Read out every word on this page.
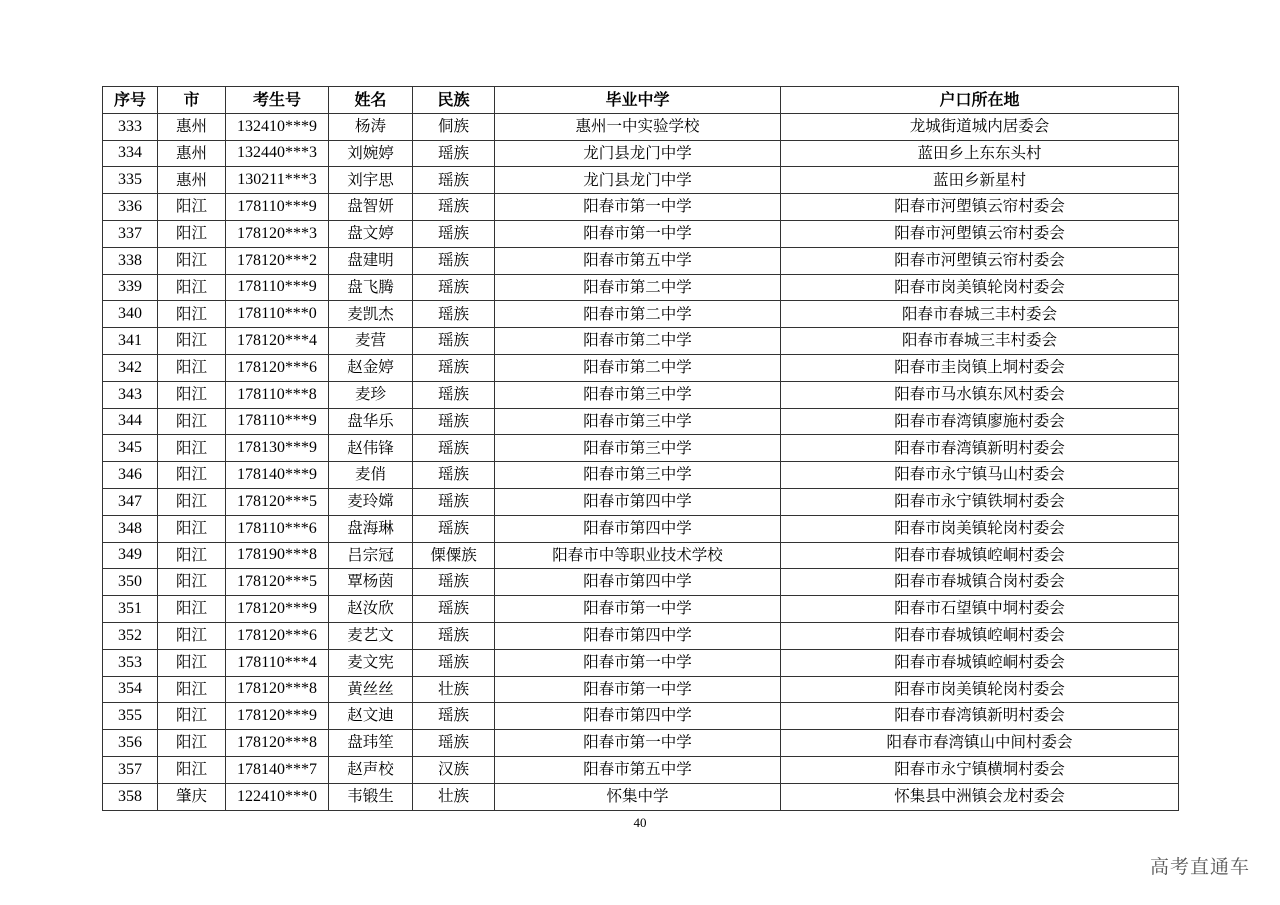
序号	市	考生号	姓名	民族	毕业中学	户口所在地
333	惠州	132410***9	杨涛	侗族	惠州一中实验学校	龙城街道城内居委会
334	惠州	132440***3	刘婉婷	瑶族	龙门县龙门中学	蓝田乡上东东头村
335	惠州	130211***3	刘宇思	瑶族	龙门县龙门中学	蓝田乡新星村
336	阳江	178110***9	盘智妍	瑶族	阳春市第一中学	阳春市河塱镇云帘村委会
337	阳江	178120***3	盘文婷	瑶族	阳春市第一中学	阳春市河塱镇云帘村委会
338	阳江	178120***2	盘建明	瑶族	阳春市第五中学	阳春市河塱镇云帘村委会
339	阳江	178110***9	盘飞腾	瑶族	阳春市第二中学	阳春市岗美镇轮岗村委会
340	阳江	178110***0	麦凯杰	瑶族	阳春市第二中学	阳春市春城三丰村委会
341	阳江	178120***4	麦营	瑶族	阳春市第二中学	阳春市春城三丰村委会
342	阳江	178120***6	赵金婷	瑶族	阳春市第二中学	阳春市圭岗镇上垌村委会
343	阳江	178110***8	麦珍	瑶族	阳春市第三中学	阳春市马水镇东风村委会
344	阳江	178110***9	盘华乐	瑶族	阳春市第三中学	阳春市春湾镇廖施村委会
345	阳江	178130***9	赵伟锋	瑶族	阳春市第三中学	阳春市春湾镇新明村委会
346	阳江	178140***9	麦俏	瑶族	阳春市第三中学	阳春市永宁镇马山村委会
347	阳江	178120***5	麦玲嫦	瑶族	阳春市第四中学	阳春市永宁镇铁垌村委会
348	阳江	178110***6	盘海琳	瑶族	阳春市第四中学	阳春市岗美镇轮岗村委会
349	阳江	178190***8	吕宗冠	傈僳族	阳春市中等职业技术学校	阳春市春城镇崆峒村委会
350	阳江	178120***5	覃杨茵	瑶族	阳春市第四中学	阳春市春城镇合岗村委会
351	阳江	178120***9	赵汝欣	瑶族	阳春市第一中学	阳春市石望镇中垌村委会
352	阳江	178120***6	麦艺文	瑶族	阳春市第四中学	阳春市春城镇崆峒村委会
353	阳江	178110***4	麦文宪	瑶族	阳春市第一中学	阳春市春城镇崆峒村委会
354	阳江	178120***8	黄丝丝	壮族	阳春市第一中学	阳春市岗美镇轮岗村委会
355	阳江	178120***9	赵文迪	瑶族	阳春市第四中学	阳春市春湾镇新明村委会
356	阳江	178120***8	盘玮笙	瑶族	阳春市第一中学	阳春市春湾镇山中间村委会
357	阳江	178140***7	赵声校	汉族	阳春市第五中学	阳春市永宁镇横垌村委会
358	肇庆	122410***0	韦锻生	壮族	怀集中学	怀集县中洲镇会龙村委会
40
高考直通车
